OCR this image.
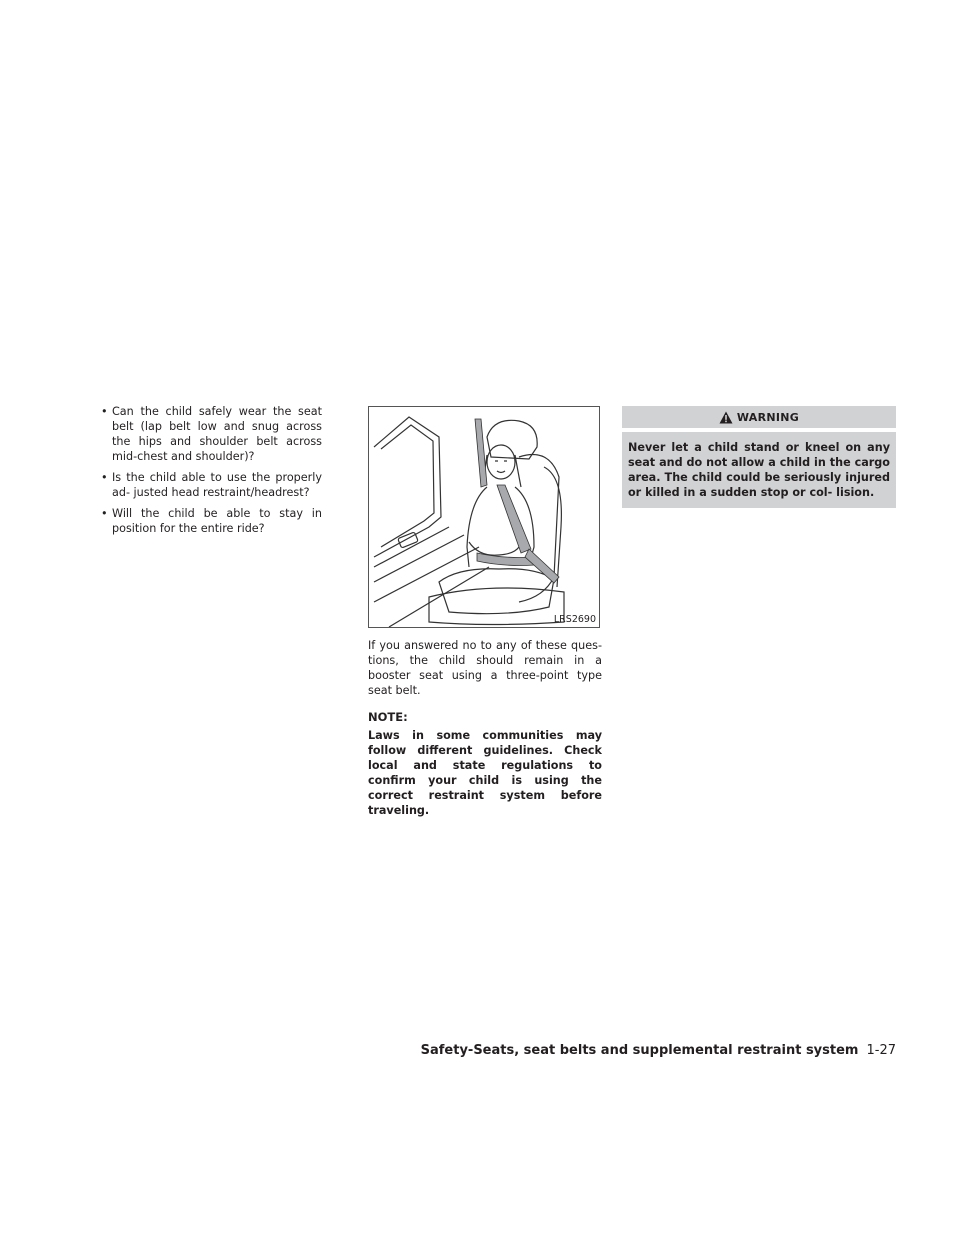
• Can the child safely wear the seat belt (lap belt low and snug across the hips and shoulder belt across mid-chest and shoulder)?
• Is the child able to use the properly ad- justed head restraint/headrest?
• Will the child be able to stay in position for the entire ride?
LRS2690

If you answered no to any of these ques- tions, the child should remain in a booster seat using a three-point type seat belt.

NOTE:

Laws in some communities may follow different guidelines. Check local and state regulations to confirm your child is using the correct restraint system before traveling.

WARNING
Never let a child stand or kneel on any seat and do not allow a child in the cargo area. The child could be seriously injured or killed in a sudden stop or col- lision.
Safety-Seats, seat belts and supplemental restraint system 1-27
